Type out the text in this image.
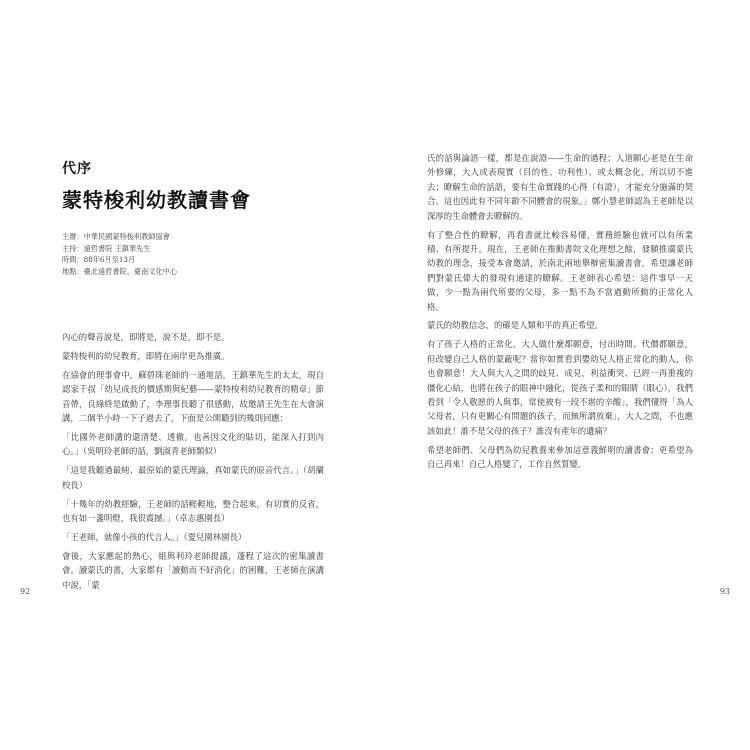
代序
蒙特梭利幼教讀書會
主辦：中華民國蒙特梭利教師協會
主持：遠哲書院 王鎮華先生
時間：88年6月至13月
地點：臺北遠哲書院、臺南文化中心

內心的聲音說是，即將是，說不是，即不是。

蒙特梭利的幼兒教育，即將在兩岸更為推廣。

在協會的理事會中，蘇碧珠老師的一通電話，王鎮華先生的太太，現自認家千叔「幼兒成長的價感期與紀藝——蒙特梭利幼兒教育的精章」節音帶，良綠終是啟動了，李理事長聽了很感動，故邀請王先生在大會演講，二個半小時一下子過去了，下面是公開聽到的幾則回應：

「比國外老師講的還清楚、透徹。也善因文化的貼切，能深入打到內心。」（吳明玲老師的話，劉淑青老師類似）

「這是我聽過最純、最原始的蒙氏理論，真如蒙氏的原音代言。」（胡蘭校長）

「十幾年的幼教經驗，王老師的話輕輕地，整合起來，有切實的反省，也有如一盞明燈，我很震撼。」（卓志惠園長）

「王老師，就像小孩的代言人。」（愛兒園林園長）

會後，大家應起的熱心，組與利玲老師提議，蓬程了這次的密集讀書會。讀蒙氏的書，大家都有「讀動而不好消化」的困難，王老師在演講中說，「蒙

92

氏的話與論語一樣，都是在說證——生命的過程；人道願心老是在生命外修練，大人或表現實（目的性、功利性）、或太概念化，所以切不進去；瞭解生命的話語，要有生命實踐的心得（有證），才能充分施滿的契合。這也因此有不同年齡不同體會的現象。」鄭小慧老師認為王老師是以深厚的生命體會去瞭解的。

有了整合性的瞭解，再看書就比較容易懂，實務經驗也就可以有所業積、有所提升。現在，王老師在推動書院文化理想之餘，發願推廣蒙氏幼教的理念，接受本會邀請，於南北兩地舉辦密集讀書會，希望讓老師們對蒙氏偉大的發現有通達的瞭解。王老師表心希望：這件事早一天做，少一點為兩代所要的父母，多一點不為不當過動所動的正常化人格。

蒙氏的幼教信念，的確是人類和平的真正希望。

有了孩子人格的正常化，大人做什麼都願意，付出時間、代價都願意，但改變自己人格的蒙蔽呢？當你如實看到嬰幼兒人格正常化的動人，你也會願意！大人與大人之間的歧見、成見，利益衝突、已經一再重複的僵化心結，也將在孩子的眼神中融化，從孩子柔和的眼睛（眼心），我們看到「令人敬愿的人與事，常使被有一段不堪的辛酸」，我們懂得「為人父母者，只有更關心有問題的孩子，而無所謂放棄」，大人之間，不也應該如此！誰不是父母的孩子？誰沒有產年的遺痛？

希望老師們、父母們為幼兒教養來參加這意義鮮明的讀書會；更希望為自己再來！自己人格變了，工作自然質變。

93
